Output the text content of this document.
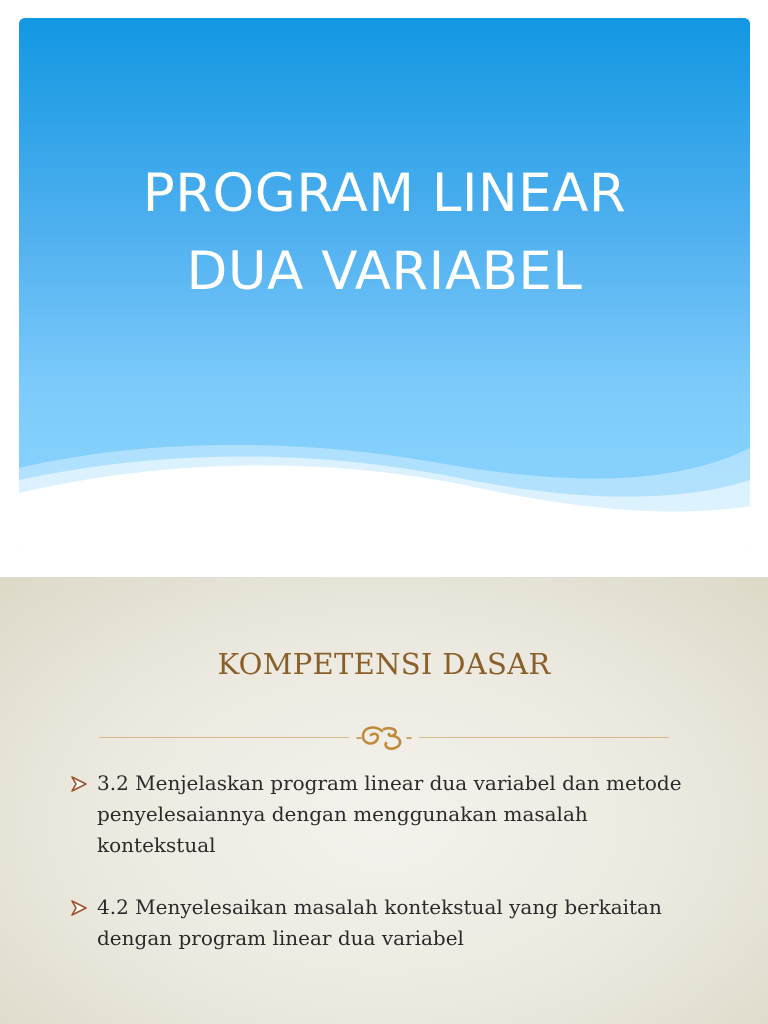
PROGRAM LINEAR
DUA VARIABEL
KOMPETENSI DASAR
3.2 Menjelaskan program linear dua variabel dan metode penyelesaiannya dengan menggunakan masalah kontekstual
4.2 Menyelesaikan masalah kontekstual yang berkaitan dengan program linear dua variabel
